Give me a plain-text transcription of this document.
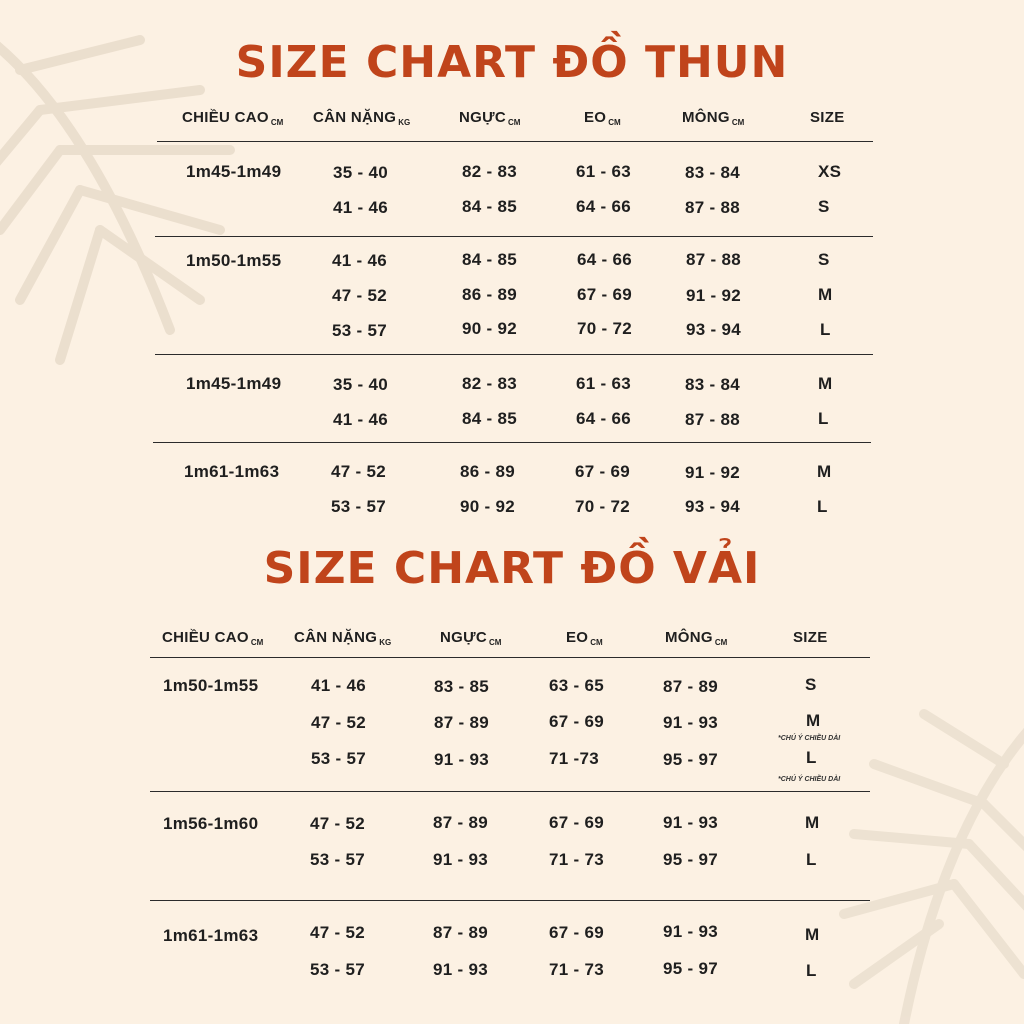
SIZE CHART ĐỒ THUN
CHIỀU CAO $_{CM}$ CÂN NẶNG $_{KG}$	NGỰC $_{CM}$	EO $_{CM}$	MÔNG $_{CM}$	SIZE
1m45-1m49	35 - 40	82 - 83	61 - 63	83 - 84	XS
41 - 46	84 - 85	64 - 66	87 - 88	S
1m50-1m55	41 - 46	84 - 85	64 - 66	87 - 88	S
47 - 52	86 - 89	67 - 69	91 - 92	M
53 - 57	90 - 92	70 - 72	93 - 94	L
1m45-1m49	35 - 40	82 - 83	61 - 63	83 - 84	M
41 - 46	84 - 85	64 - 66	87 - 88	L
1m61-1m63	47 - 52	86 - 89	67 - 69	91 - 92	M
53 - 57	90 - 92	70 - 72	93 - 94	L
SIZE CHART ĐỒ VẢI
CHIỀU CAO $_{CM}$ CÂN NẶNG $_{KG}$	NGỰC $_{CM}$	EO $_{CM}$	MÔNG $_{CM}$	SIZE
1m50-1m55	41 - 46	83 - 85	63 - 65	87 - 89	S
47 - 52	87 - 89	67 - 69	91 - 93	M
*CHÚ Ý CHIỀU DÀI
53 - 57	91 - 93	71 -73	95 - 97	L
*CHÚ Ý CHIỀU DÀI
1m56-1m60	47 - 52	87 - 89	67 - 69	91 - 93	M
53 - 57	91 - 93	71 - 73	95 - 97	L
1m61-1m63	47 - 52	87 - 89	67 - 69	91 - 93	M
53 - 57	91 - 93	71 - 73	95 - 97	L
